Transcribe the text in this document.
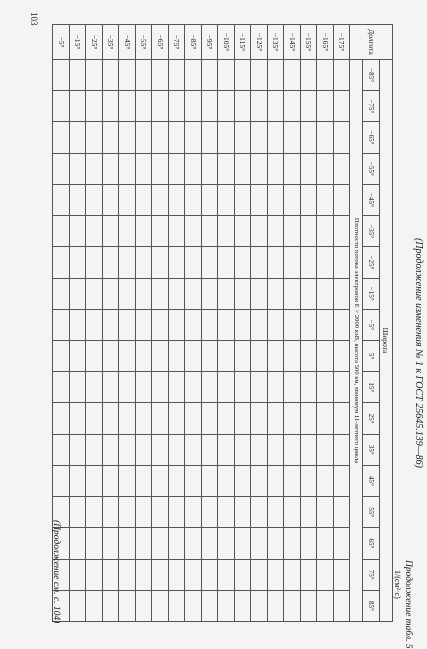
(Продолжение изменения № 1 к ГОСТ 25645.139—86)
Продолжение табл. 5
1/(см²·с)
Долгота	Широта																	
	−85°	−75°	−65°	−55°	−45°	−35°	−25°	−15°	−5°	5°	15°	25°	35°	45°	55°	65°	75°	85°
	Плотности потока электронов E > 2000 кэВ, высота 500 км, минимум 11-летнего цикла																	
−175°																		
−165°																		
−155°																		
−145°																		
−135°																		
−125°																		
−115°																		
−105°																		
−95°																		
−85°																		
−75°																		
−65°																		
−55°																		
−45°																		
−35°																		
−25°																		
−15°																		
−5°																		
103
(Продолжение см. с. 104)
